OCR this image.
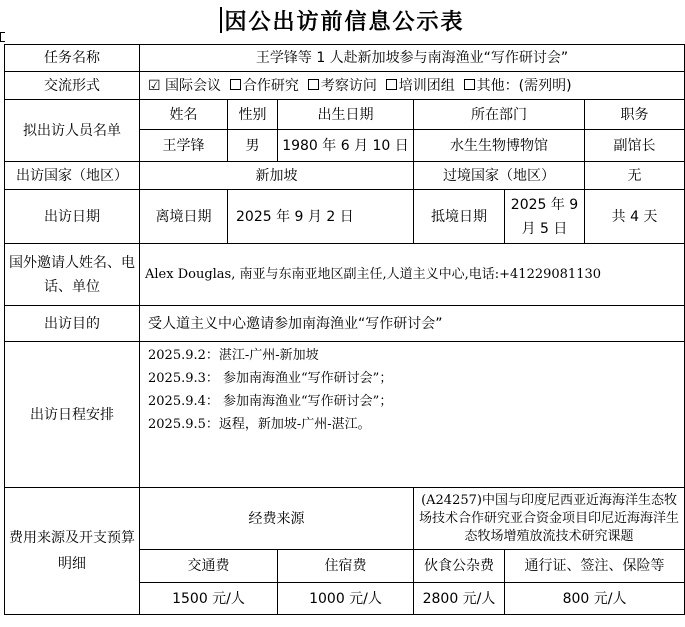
因公出访前信息公示表
任务名称	王学锋等 1 人赴新加坡参与南海渔业“写作研讨会”					
交流形式	☑ 国际会议 合作研究 考察访问 培训团组 其他：(需列明)					
拟出访人员名单	姓名	性别	出生日期	所在部门		职务
	王学锋	男	1980 年 6 月 10 日	水生生物博物馆		副馆长
出访国家（地区）	新加坡			过境国家（地区）		无
出访日期	离境日期	2025 年 9 月 2 日		抵境日期	2025 年 9 月 5 日	共 4 天
国外邀请人姓名、电话、单位	Alex Douglas, 南亚与东南亚地区副主任,人道主义中心,电话:+41229081130					
出访目的	受人道主义中心邀请参加南海渔业“写作研讨会”					
出访日程安排	2025.9.2：湛江-广州-新加坡
2025.9.3： 参加南海渔业“写作研讨会”；
2025.9.4： 参加南海渔业“写作研讨会”；
2025.9.5：返程，新加坡-广州-湛江。					

费用来源及开支预算明细	经费来源			(A24257)中国与印度尼西亚近海海洋生态牧场技术合作研究亚合资金项目印尼近海海洋生态牧场增殖放流技术研究课题		
	交通费		住宿费	伙食公杂费	通行证、签注、保险等	
	1500 元/人		1000 元/人	2800 元/人	800 元/人	
